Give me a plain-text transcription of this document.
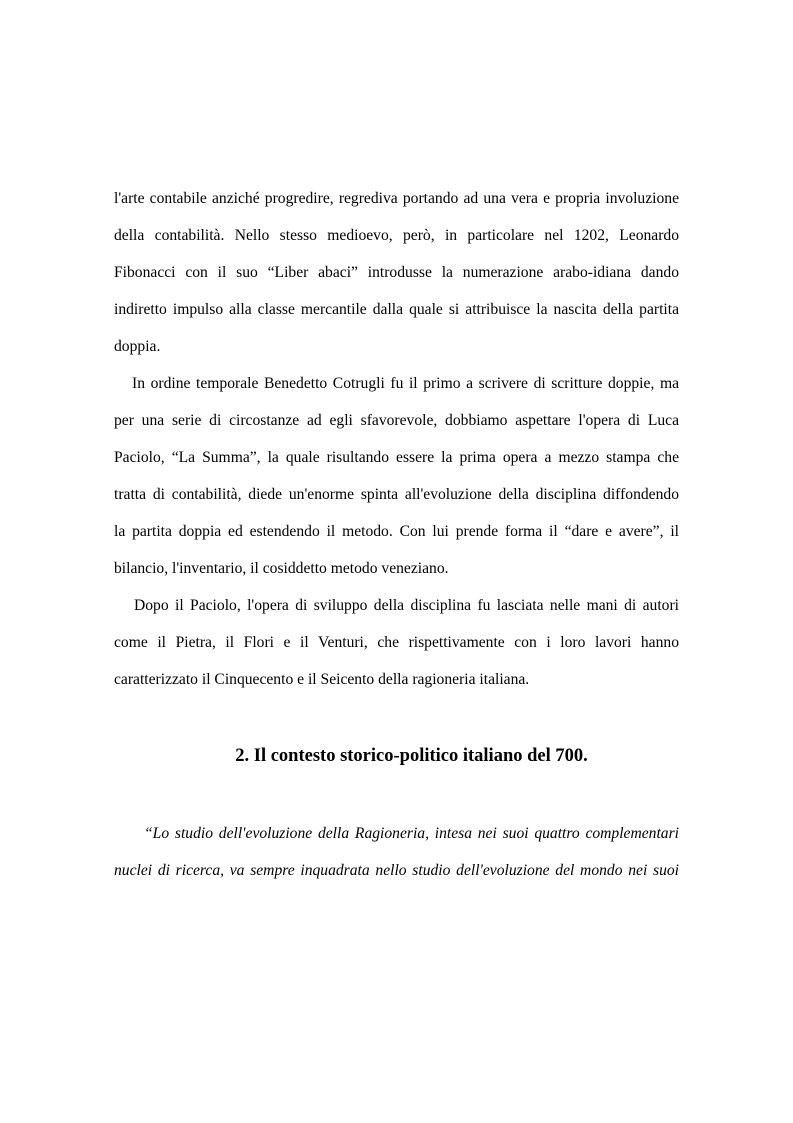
l'arte contabile anziché progredire, regrediva portando ad una vera e propria involuzione
della contabilità. Nello stesso medioevo, però, in particolare nel 1202, Leonardo
Fibonacci con il suo “Liber abaci” introdusse la numerazione arabo-idiana dando
indiretto impulso alla classe mercantile dalla quale si attribuisce la nascita della partita
doppia.
In ordine temporale Benedetto Cotrugli fu il primo a scrivere di scritture doppie, ma
per una serie di circostanze ad egli sfavorevole, dobbiamo aspettare l'opera di Luca
Paciolo, “La Summa”, la quale risultando essere la prima opera a mezzo stampa che
tratta di contabilità, diede un'enorme spinta all'evoluzione della disciplina diffondendo
la partita doppia ed estendendo il metodo. Con lui prende forma il “dare e avere”, il
bilancio, l'inventario, il cosiddetto metodo veneziano.
Dopo il Paciolo, l'opera di sviluppo della disciplina fu lasciata nelle mani di autori
come il Pietra, il Flori e il Venturi, che rispettivamente con i loro lavori hanno
caratterizzato il Cinquecento e il Seicento della ragioneria italiana.
2. Il contesto storico-politico italiano del 700.
“Lo studio dell'evoluzione della Ragioneria, intesa nei suoi quattro complementari
nuclei di ricerca, va sempre inquadrata nello studio dell'evoluzione del mondo nei suoi
